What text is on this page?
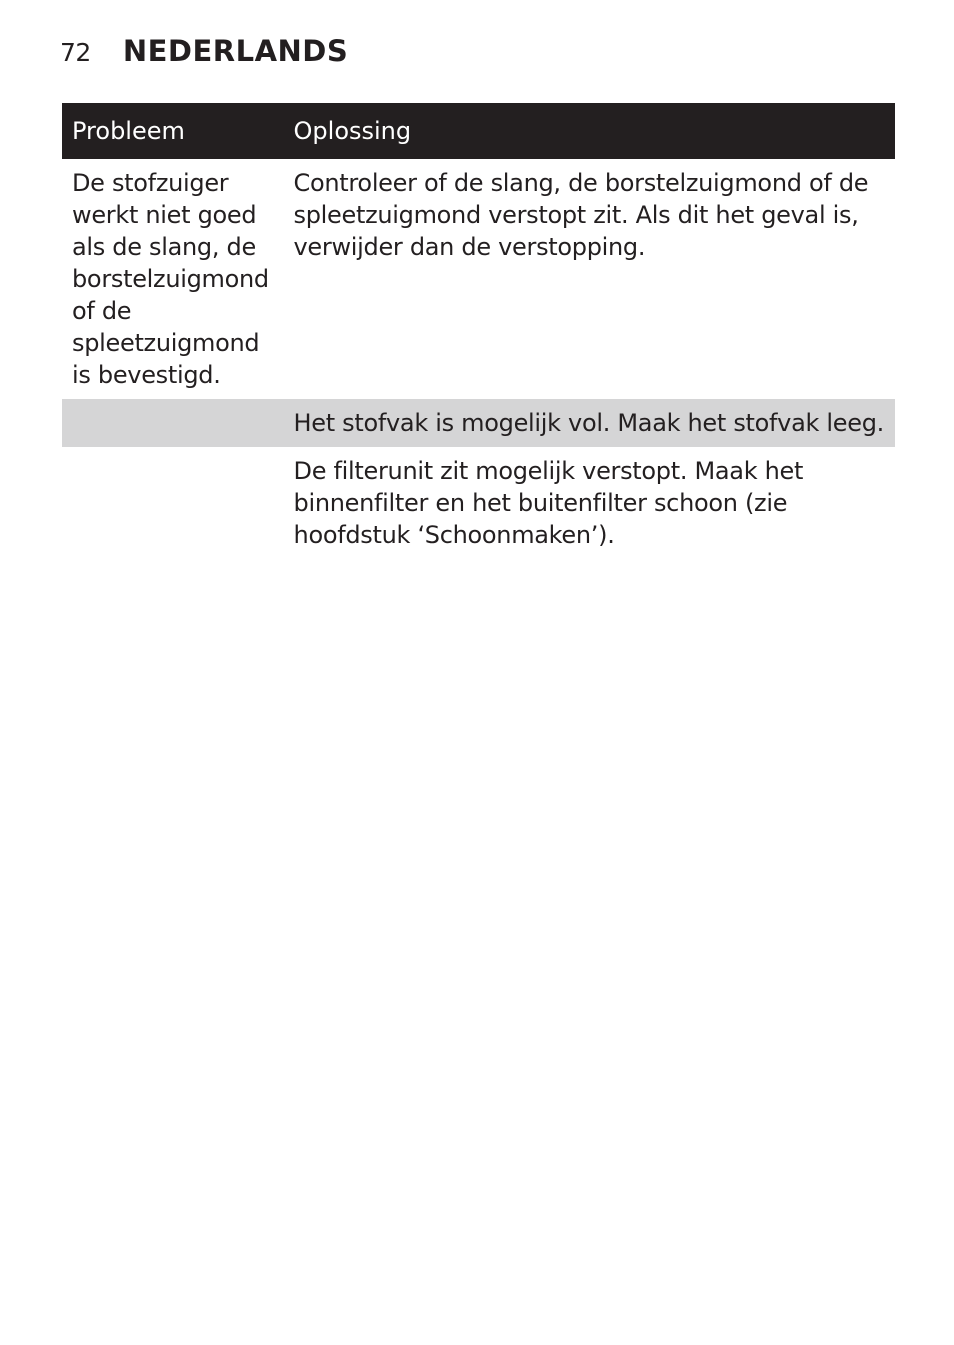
72 NEDERLANDS
Probleem	Oplossing
De stofzuiger werkt niet goed als de slang, de borstelzuigmond of de spleetzuigmond is bevestigd.	Controleer of de slang, de borstelzuigmond of de spleetzuigmond verstopt zit. Als dit het geval is, verwijder dan de verstopping.
	Het stofvak is mogelijk vol. Maak het stofvak leeg.
	De filterunit zit mogelijk verstopt. Maak het binnenfilter en het buitenfilter schoon (zie hoofdstuk ‘Schoonmaken’).
